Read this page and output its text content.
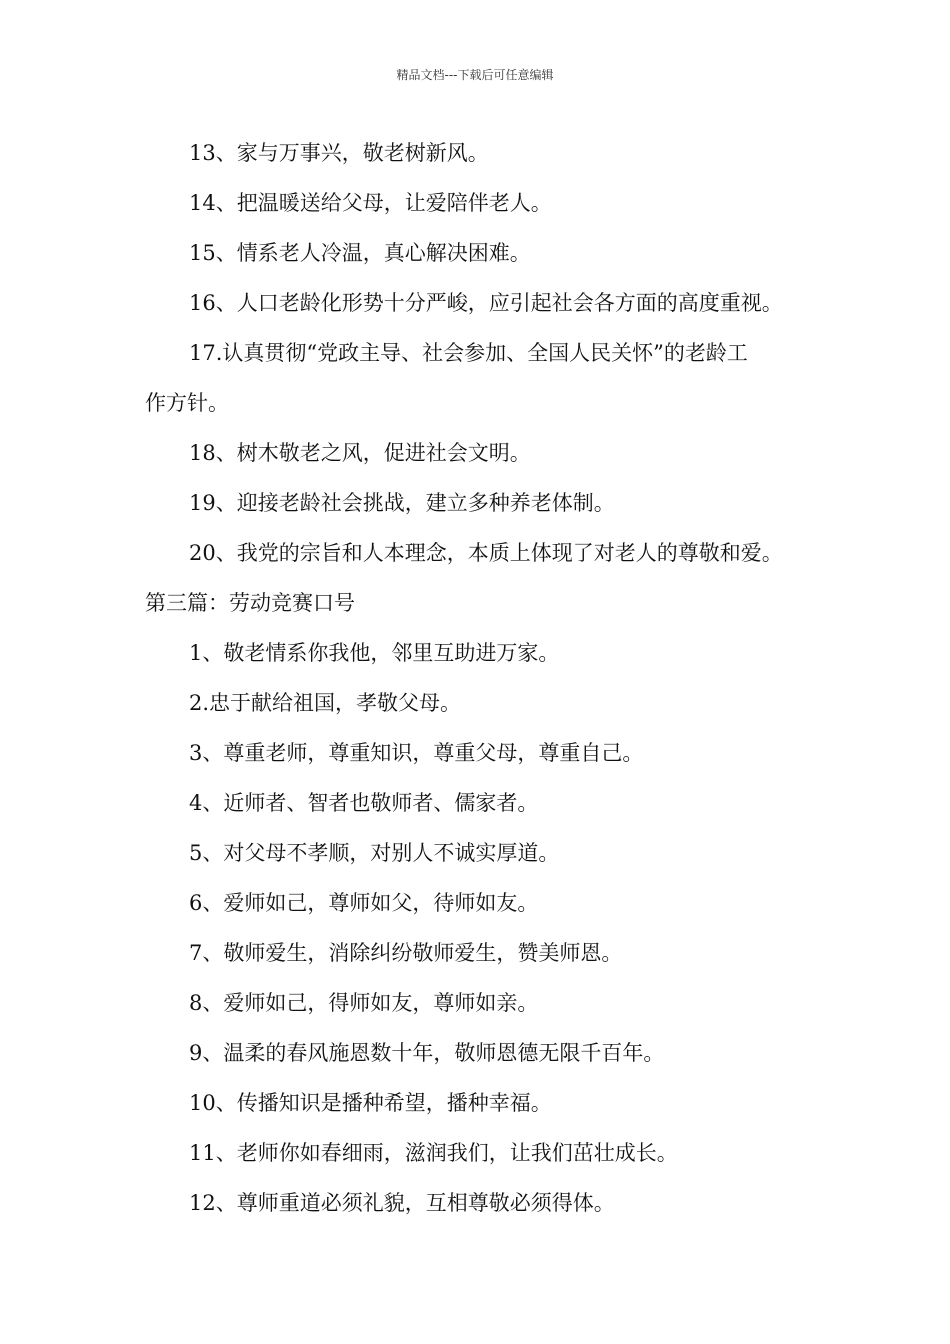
精品文档---下载后可任意编辑
13、家与万事兴，敬老树新风。
14、把温暖送给父母，让爱陪伴老人。
15、情系老人冷温，真心解决困难。
16、人口老龄化形势十分严峻，应引起社会各方面的高度重视。
17.认真贯彻“党政主导、社会参加、全国人民关怀”的老龄工
作方针。
18、树木敬老之风，促进社会文明。
19、迎接老龄社会挑战，建立多种养老体制。
20、我党的宗旨和人本理念，本质上体现了对老人的尊敬和爱。
第三篇：劳动竞赛口号
1、敬老情系你我他，邻里互助进万家。
2.忠于献给祖国，孝敬父母。
3、尊重老师，尊重知识，尊重父母，尊重自己。
4、近师者、智者也敬师者、儒家者。
5、对父母不孝顺，对别人不诚实厚道。
6、爱师如己，尊师如父，待师如友。
7、敬师爱生，消除纠纷敬师爱生，赞美师恩。
8、爱师如己，得师如友，尊师如亲。
9、温柔的春风施恩数十年，敬师恩德无限千百年。
10、传播知识是播种希望，播种幸福。
11、老师你如春细雨，滋润我们，让我们茁壮成长。
12、尊师重道必须礼貌，互相尊敬必须得体。
